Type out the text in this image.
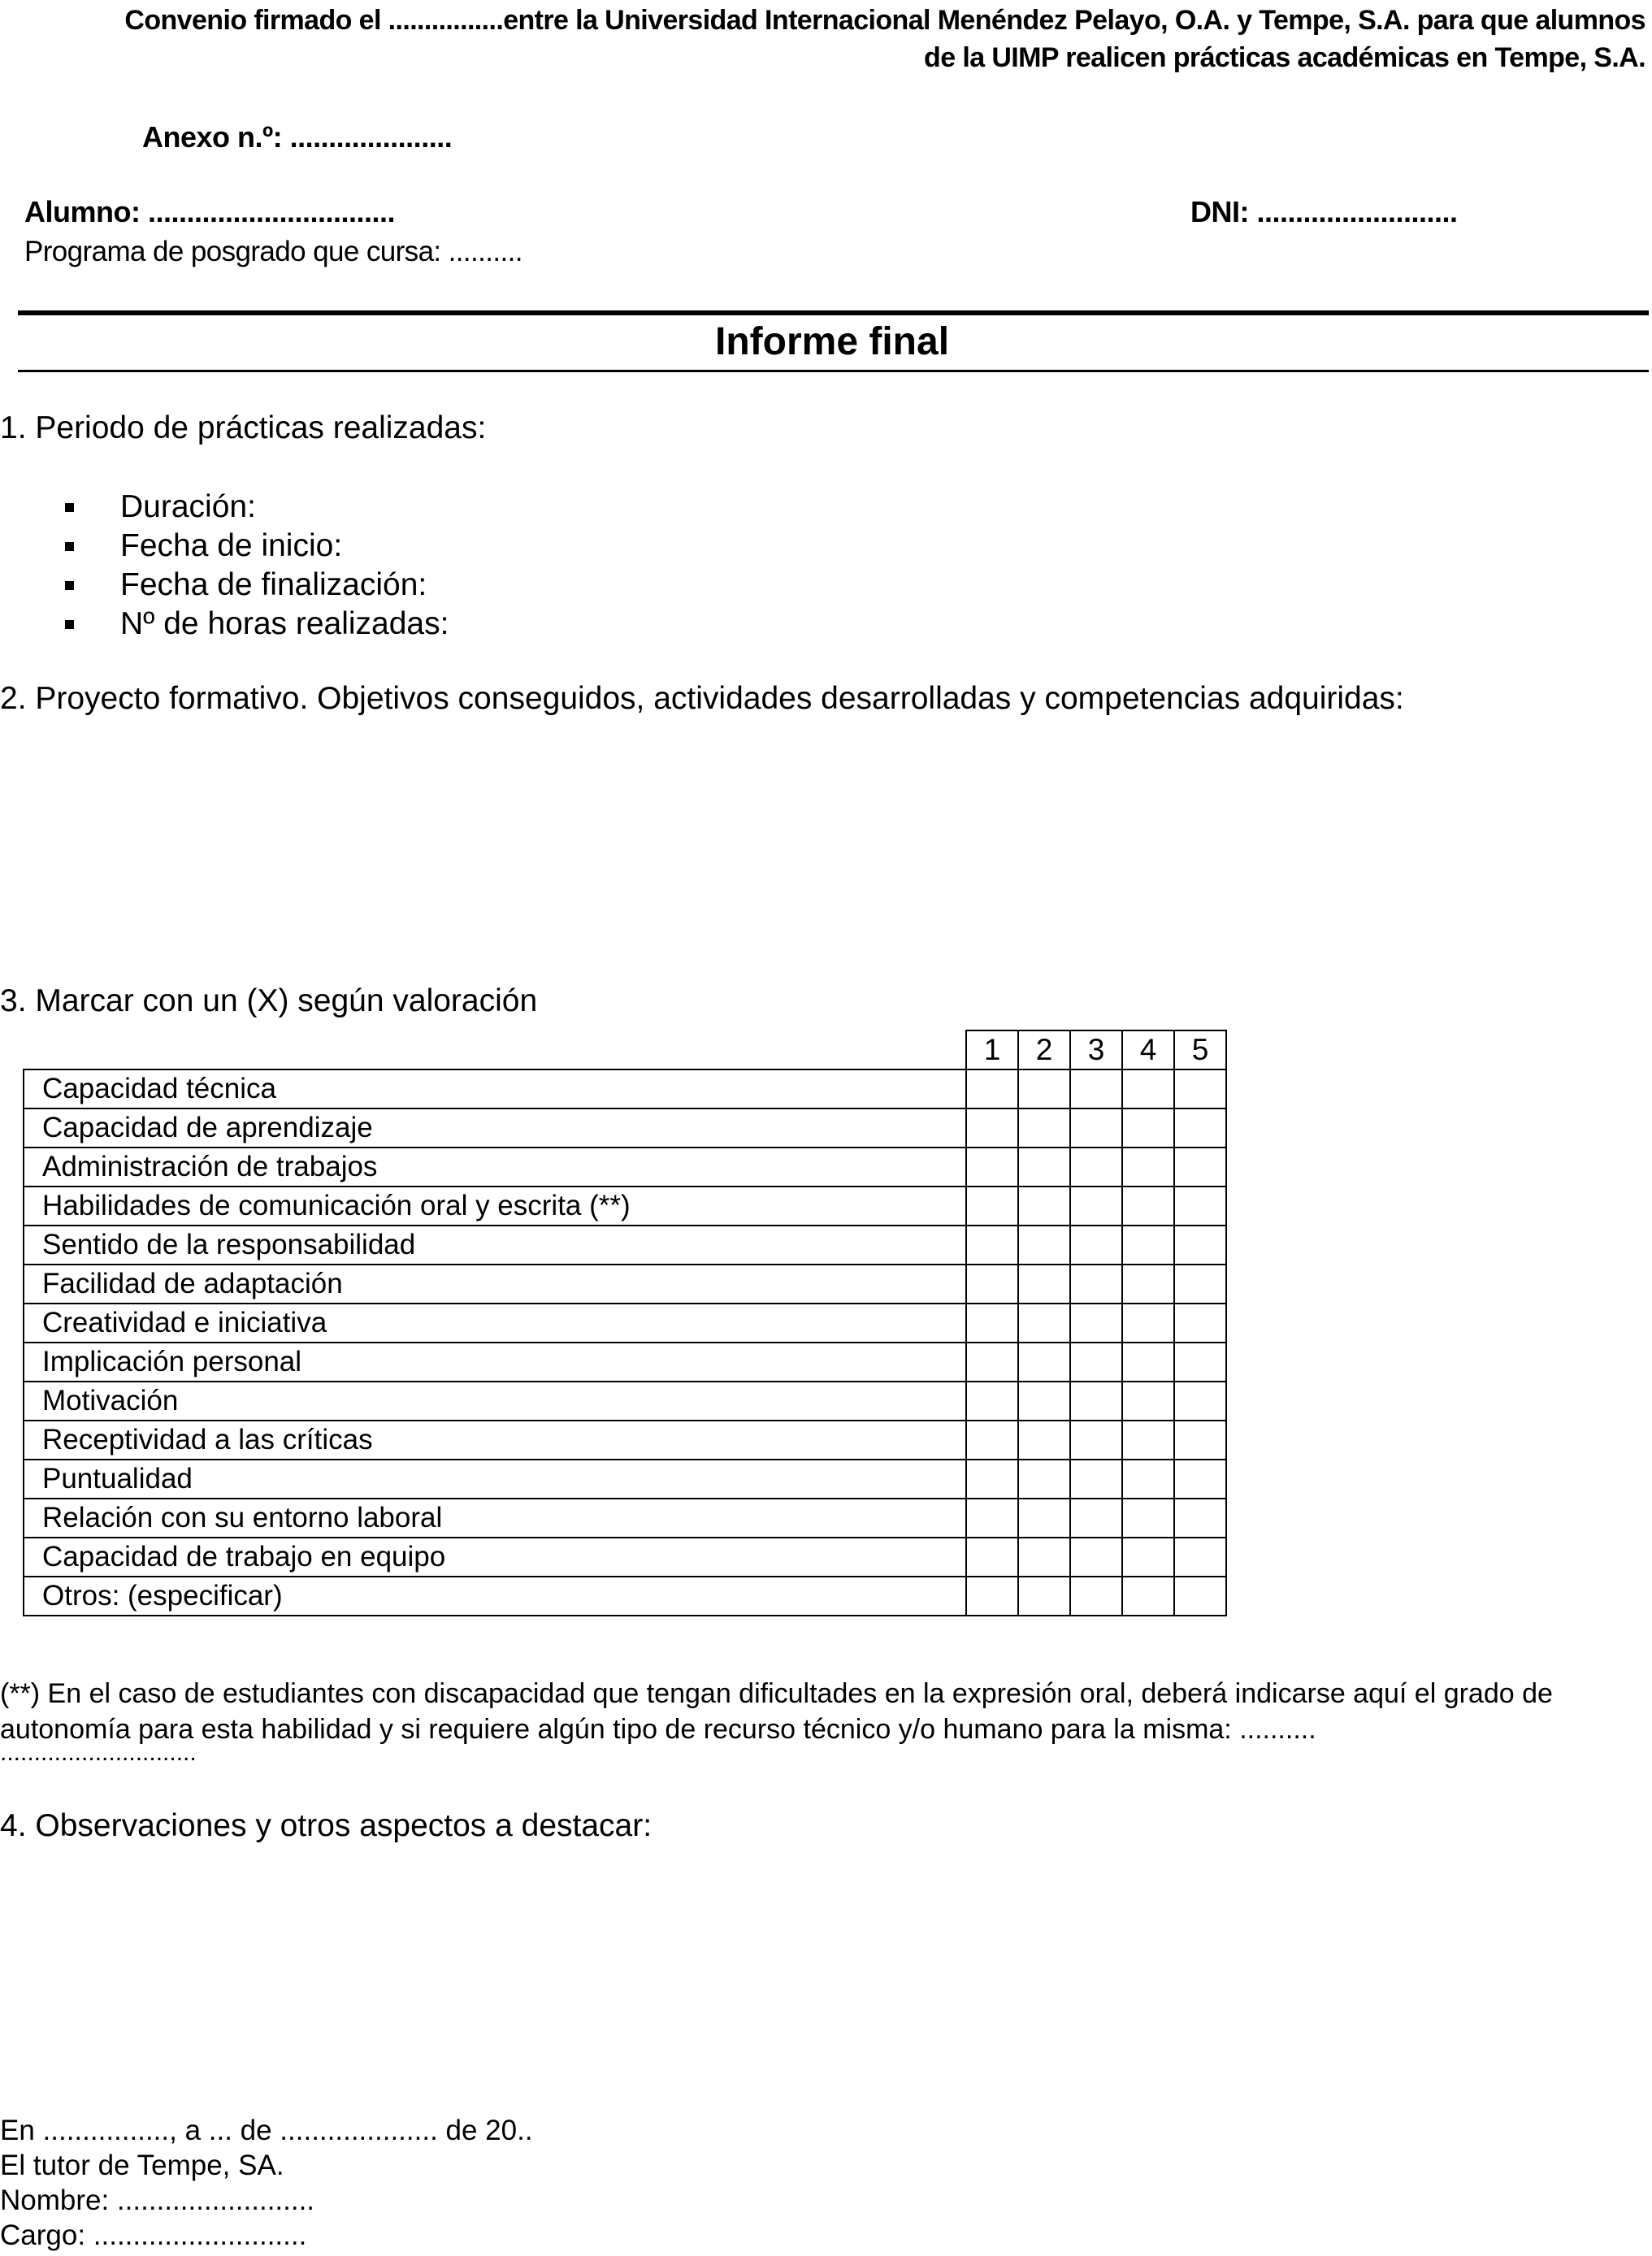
Convenio firmado el ................entre la Universidad Internacional Menéndez Pelayo, O.A. y Tempe, S.A. para que alumnos
de la UIMP realicen prácticas académicas en Tempe, S.A.
Anexo n.º: .....................
Alumno: ................................	DNI: ..........................
Programa de posgrado que cursa: ..........
Informe final
1. Periodo de prácticas realizadas:
Duración:
Fecha de inicio:
Fecha de finalización:
Nº de horas realizadas:
2. Proyecto formativo. Objetivos conseguidos, actividades desarrolladas y competencias adquiridas:
3. Marcar con un (X) según valoración
	1	2	3	4	5
Capacidad técnica					
Capacidad de aprendizaje					
Administración de trabajos					
Habilidades de comunicación oral y escrita (**)					
Sentido de la responsabilidad					
Facilidad de adaptación					
Creatividad e iniciativa					
Implicación personal					
Motivación					
Receptividad a las críticas					
Puntualidad					
Relación con su entorno laboral					
Capacidad de trabajo en equipo					
Otros: (especificar)					
(**) En el caso de estudiantes con discapacidad que tengan dificultades en la expresión oral, deberá indicarse aquí el grado de autonomía para esta habilidad y si requiere algún tipo de recurso técnico y/o humano para la misma: ..........
.............................
4. Observaciones y otros aspectos a destacar:
En ................, a ... de .................... de 20..
El tutor de Tempe, SA.
Nombre: .........................
Cargo: ...........................
